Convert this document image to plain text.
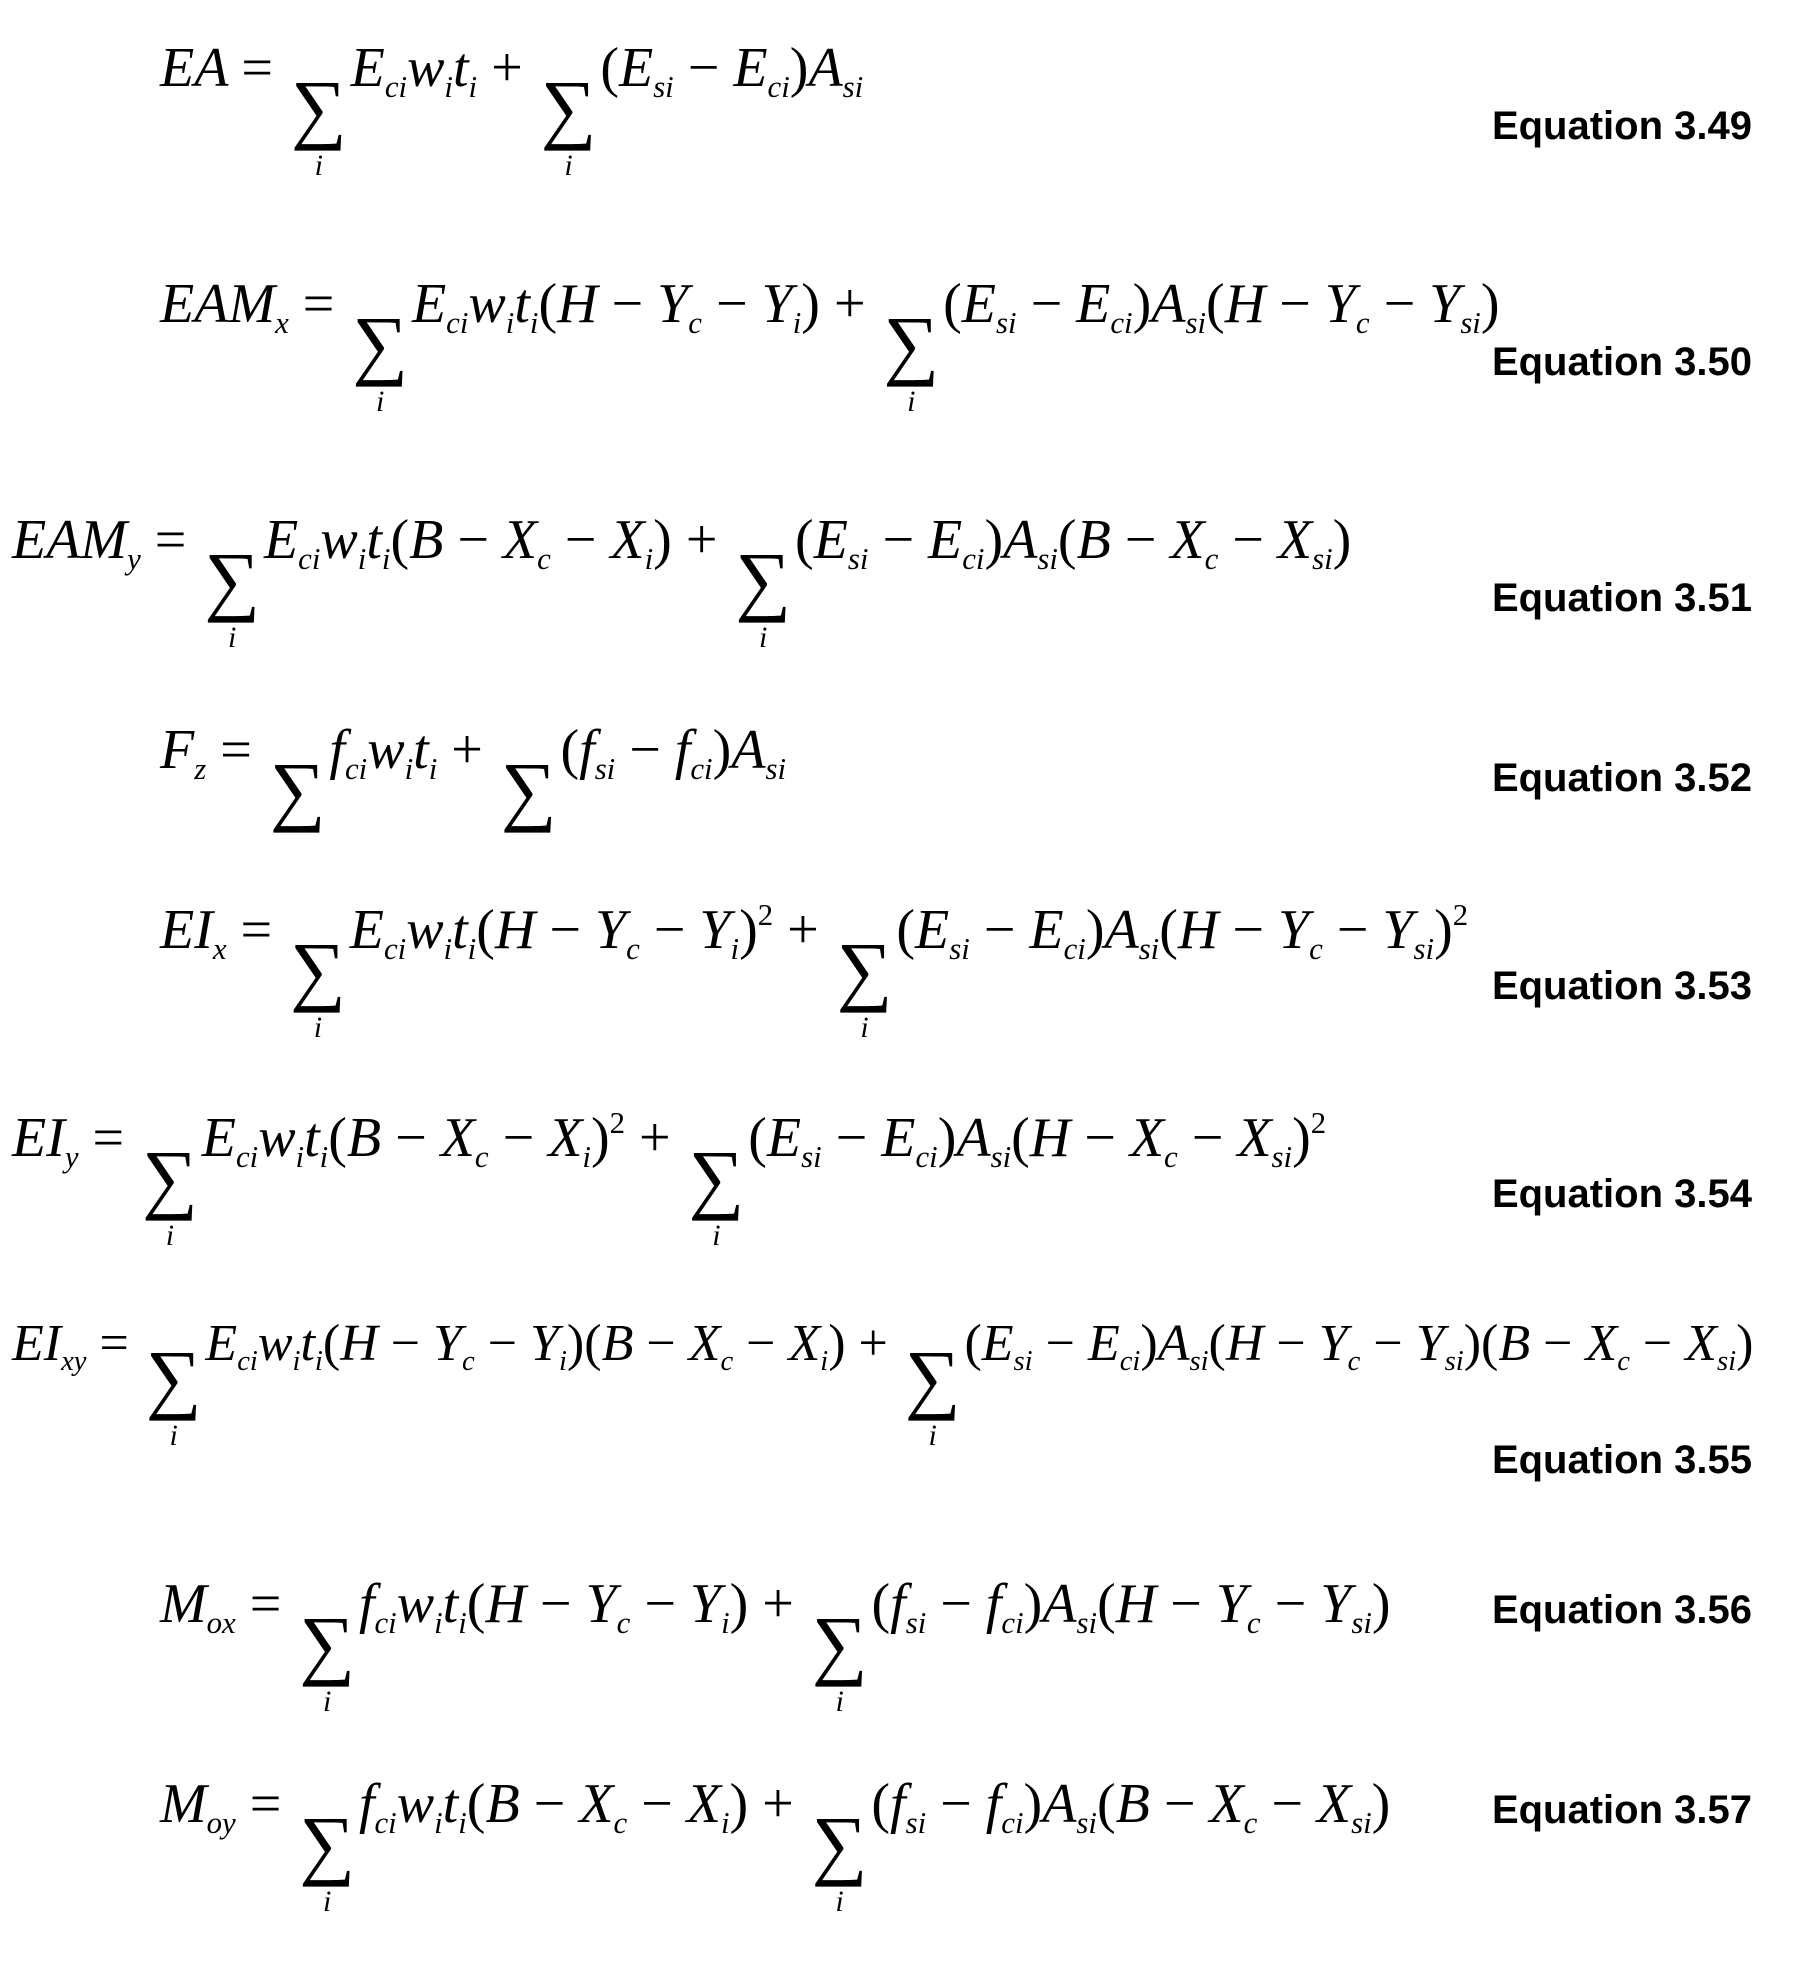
EA = ∑
i
$E_{ci}w_it_i$ + ∑
i
$(E_{si} - E_{ci})A_{si}$
Equation 3.49
$EAM_x$ = ∑
i
$E_{ci}w_it_i(H - Y_c - Y_i)$ + ∑
i
$(E_{si} - E_{ci})A_{si}(H - Y_c - Y_{si})$
Equation 3.50
$EAM_y$ = ∑
i
$E_{ci}w_it_i(B - X_c - X_i)$ + ∑
i
$(E_{si} - E_{ci})A_{si}(B - X_c - X_{si})$
Equation 3.51
$F_z$ = ∑ $f_{ci}w_it_i$ + ∑ $(f_{si} - f_{ci})A_{si}$	Equation 3.52
$EI_x$ = ∑
i
$E_{ci}w_it_i(H - Y_c - Y_i)^2$ + ∑
i
$(E_{si} - E_{ci})A_{si}(H - Y_c - Y_{si})^2$
Equation 3.53
$EI_y$ = ∑
i
$E_{ci}w_it_i(B - X_c - X_i)^2$ + ∑
i
$(E_{si} - E_{ci})A_{si}(H - X_c - X_{si})^2$
Equation 3.54
$EI_{xy}$ = ∑
i
$E_{ci}w_it_i(H - Y_c - Y_i)(B - X_c - X_i)$ + ∑
i
$(E_{si} - E_{ci})A_{si}(H - Y_c - Y_{si})(B - X_c - X_{si})$
Equation 3.55
$M_{ox}$ = ∑
i
$f_{ci}w_it_i(H - Y_c - Y_i)$ + ∑
i
$(f_{si} - f_{ci})A_{si}(H - Y_c - Y_{si})$	Equation 3.56
$M_{oy}$ = ∑
i
$f_{ci}w_it_i(B - X_c - X_i)$ + ∑
i
$(f_{si} - f_{ci})A_{si}(B - X_c - X_{si})$	Equation 3.57
